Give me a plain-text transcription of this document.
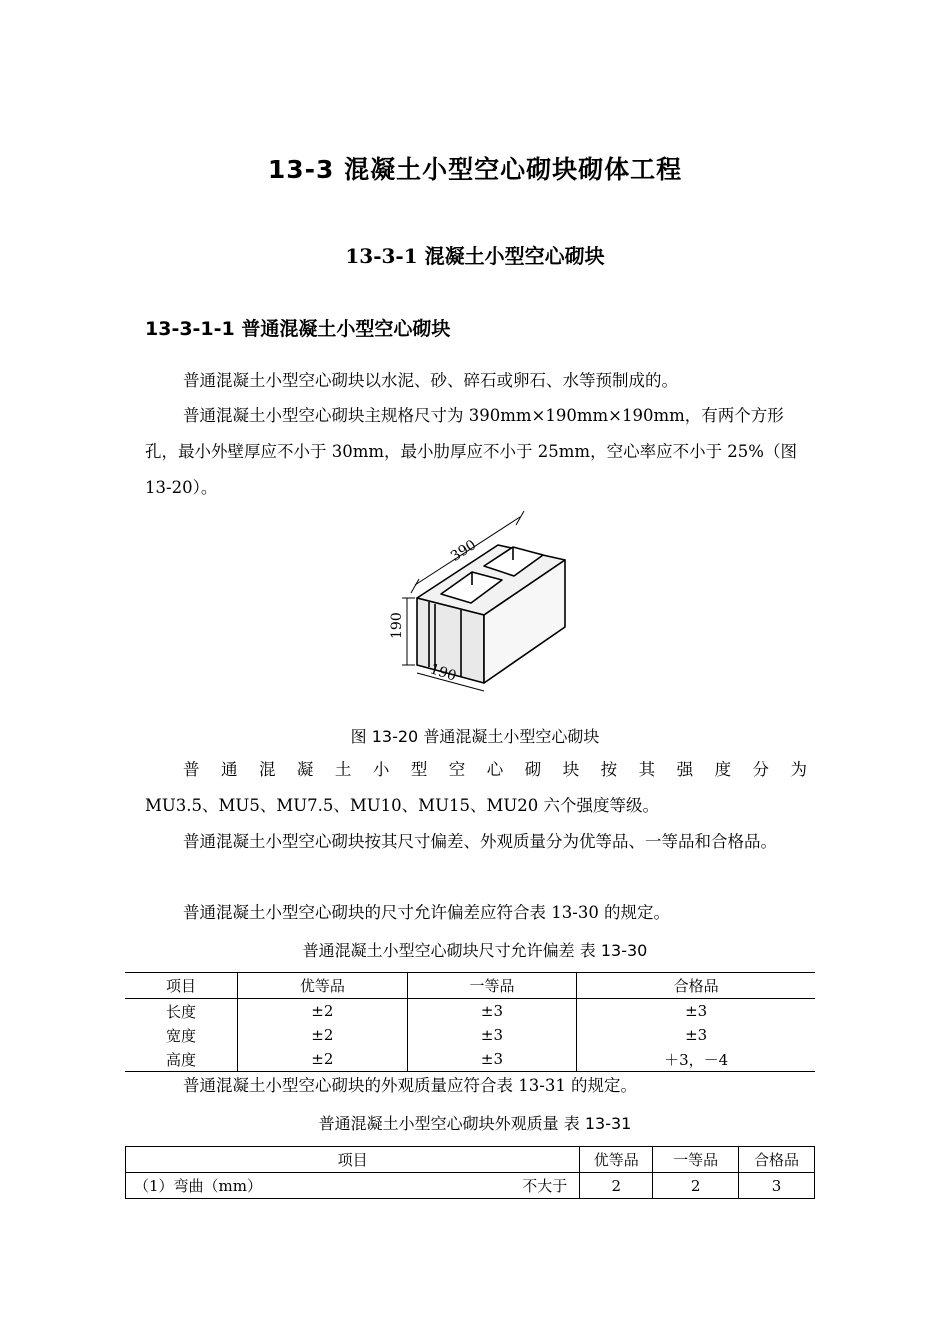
13-3 混凝土小型空心砌块砌体工程
13-3-1 混凝土小型空心砌块
13-3-1-1 普通混凝土小型空心砌块
普通混凝土小型空心砌块以水泥、砂、碎石或卵石、水等预制成的。
普通混凝土小型空心砌块主规格尺寸为 390mm×190mm×190mm，有两个方形孔，最小外壁厚应不小于 30mm，最小肋厚应不小于 25mm，空心率应不小于 25%（图 13-20）。
390
190
190
图 13-20 普通混凝土小型空心砌块
普通混凝土小型空心砌块按其强度分为
MU3.5、MU5、MU7.5、MU10、MU15、MU20 六个强度等级。
普通混凝土小型空心砌块按其尺寸偏差、外观质量分为优等品、一等品和合格品。
普通混凝土小型空心砌块的尺寸允许偏差应符合表 13-30 的规定。
普通混凝土小型空心砌块尺寸允许偏差 表 13-30
项目	优等品	一等品	合格品
长度	±2	±3	±3
宽度	±2	±3	±3
高度	±2	±3	＋3，－4
普通混凝土小型空心砌块的外观质量应符合表 13-31 的规定。
普通混凝土小型空心砌块外观质量 表 13-31
项目	优等品	一等品	合格品
（1）弯曲（mm） 不大于	2	2	3
